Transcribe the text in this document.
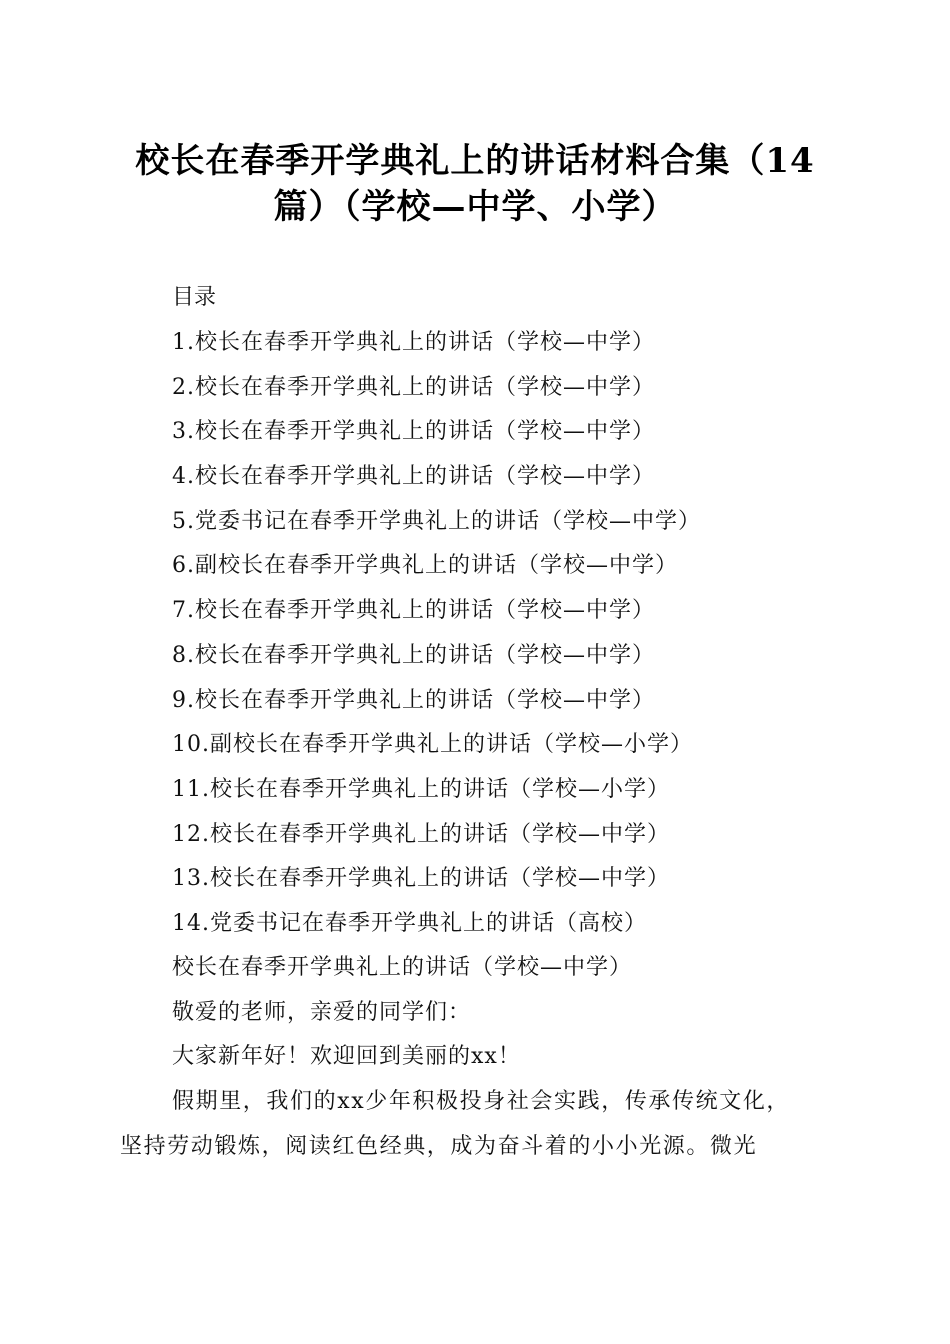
校长在春季开学典礼上的讲话材料合集（14
篇）（学校—中学、小学）
目录
1.校长在春季开学典礼上的讲话（学校—中学）
2.校长在春季开学典礼上的讲话（学校—中学）
3.校长在春季开学典礼上的讲话（学校—中学）
4.校长在春季开学典礼上的讲话（学校—中学）
5.党委书记在春季开学典礼上的讲话（学校—中学）
6.副校长在春季开学典礼上的讲话（学校—中学）
7.校长在春季开学典礼上的讲话（学校—中学）
8.校长在春季开学典礼上的讲话（学校—中学）
9.校长在春季开学典礼上的讲话（学校—中学）
10.副校长在春季开学典礼上的讲话（学校—小学）
11.校长在春季开学典礼上的讲话（学校—小学）
12.校长在春季开学典礼上的讲话（学校—中学）
13.校长在春季开学典礼上的讲话（学校—中学）
14.党委书记在春季开学典礼上的讲话（高校）

校长在春季开学典礼上的讲话（学校—中学）

敬爱的老师，亲爱的同学们：

大家新年好！欢迎回到美丽的xx！

假期里，我们的xx少年积极投身社会实践，传承传统文化，

坚持劳动锻炼，阅读红色经典，成为奋斗着的小小光源。微光
